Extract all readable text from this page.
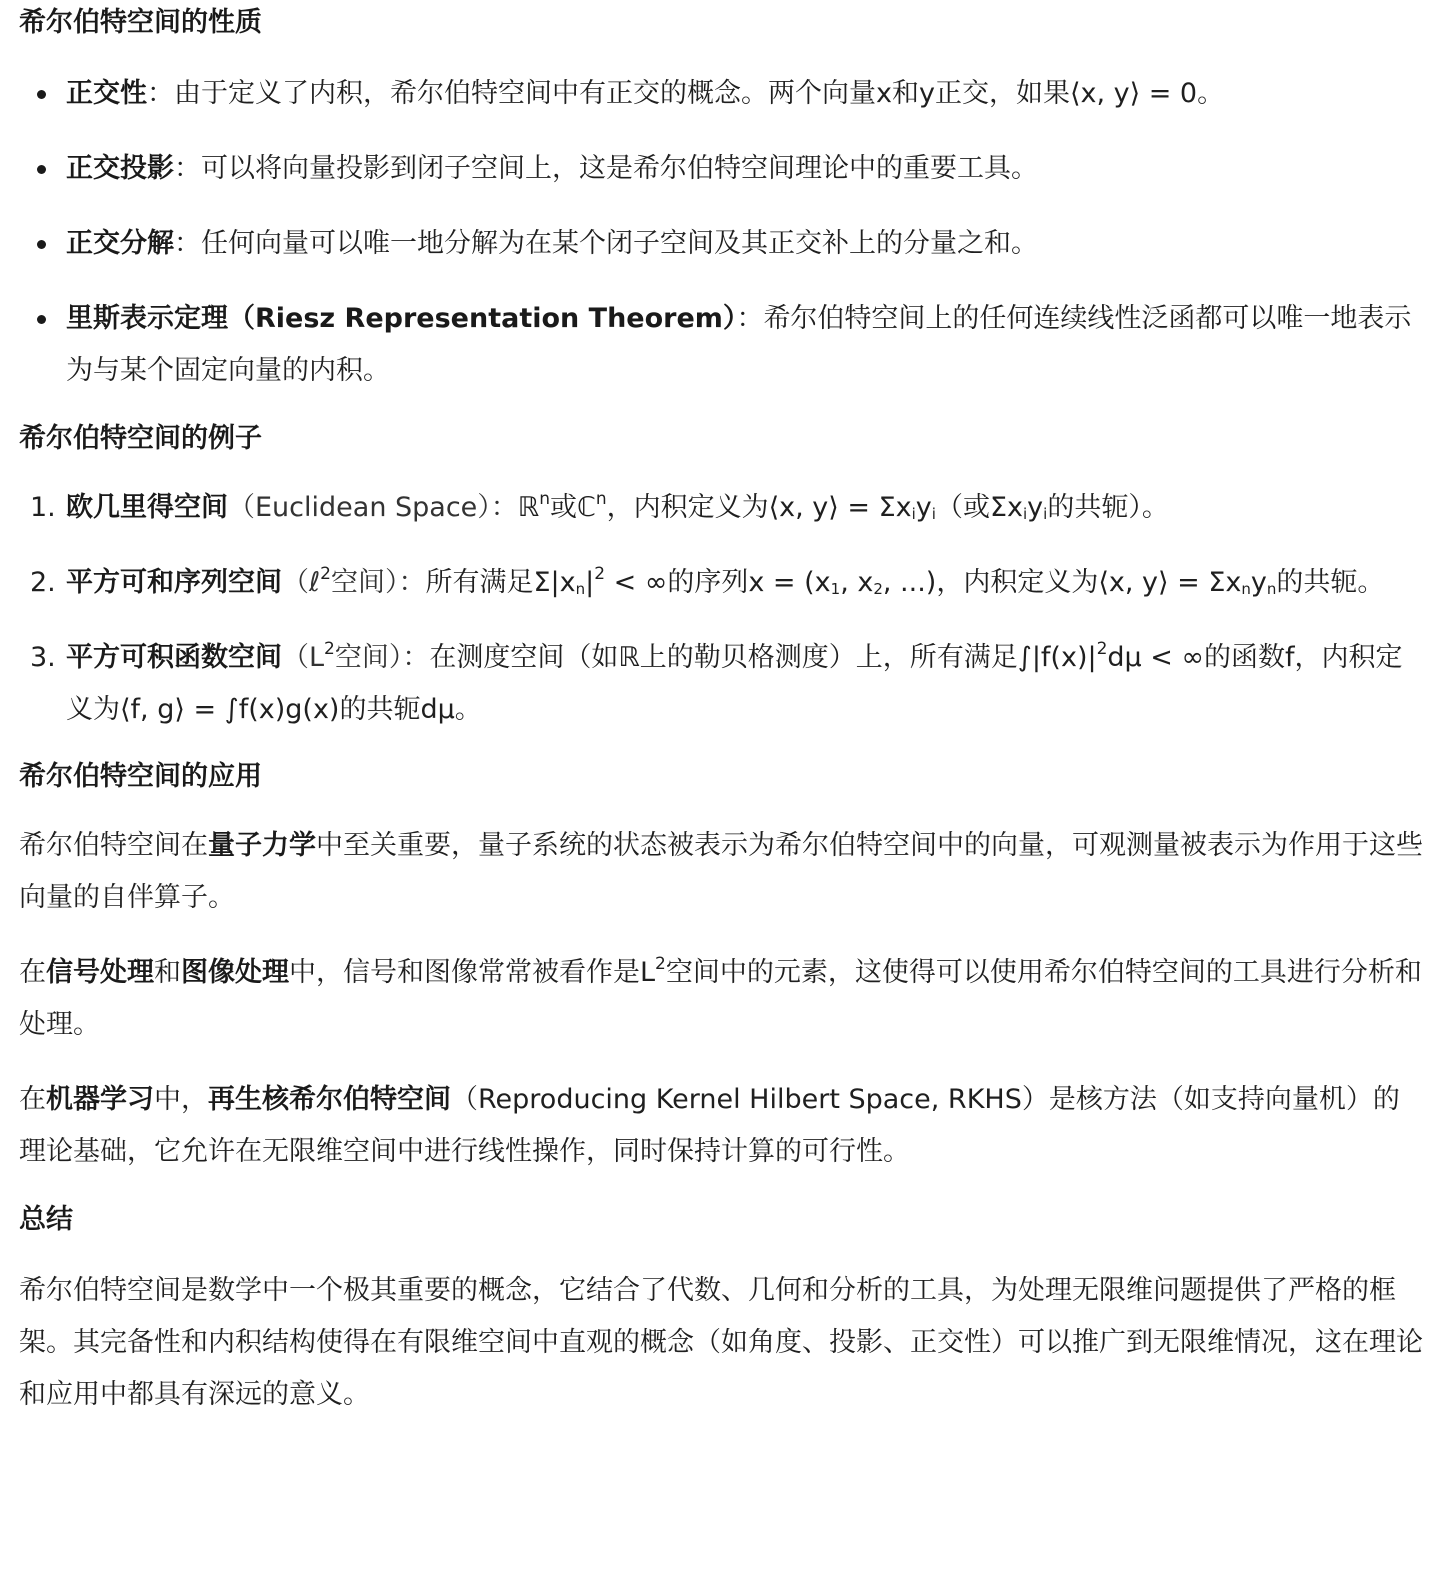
希尔伯特空间的性质
正交性：由于定义了内积，希尔伯特空间中有正交的概念。两个向量x和y正交，如果⟨x, y⟩ = 0。
正交投影：可以将向量投影到闭子空间上，这是希尔伯特空间理论中的重要工具。
正交分解：任何向量可以唯一地分解为在某个闭子空间及其正交补上的分量之和。
里斯表示定理（Riesz Representation Theorem）：希尔伯特空间上的任何连续线性泛函都可以唯一地表示为与某个固定向量的内积。
希尔伯特空间的例子
1. 欧几里得空间（Euclidean Space）：ℝ$^n$或ℂ$^n$，内积定义为⟨x, y⟩ = $\Sigma x_iy_i$（或$\Sigma x_iy_i$的共轭）。
2. 平方可和序列空间（ℓ$^2$空间）：所有满足$\Sigma|x_n|^2$ < ∞的序列$x = (x_1$, $x_2$, ...)，内积定义为⟨x, y⟩ = $\Sigma x_ny_n$的共轭。
3. 平方可积函数空间（$L^2$空间）：在测度空间（如ℝ上的勒贝格测度）上，所有满足$\int|f(x)|^2d\mu$ < ∞的函数f，内积定义为⟨f, g⟩ = ∫f(x)g(x)的共轭dμ。
希尔伯特空间的应用

希尔伯特空间在量子力学中至关重要，量子系统的状态被表示为希尔伯特空间中的向量，可观测量被表示为作用于这些向量的自伴算子。

在信号处理和图像处理中，信号和图像常常被看作是$L^2$空间中的元素，这使得可以使用希尔伯特空间的工具进行分析和处理。

在机器学习中，再生核希尔伯特空间（Reproducing Kernel Hilbert Space, RKHS）是核方法（如支持向量机）的理论基础，它允许在无限维空间中进行线性操作，同时保持计算的可行性。

总结

希尔伯特空间是数学中一个极其重要的概念，它结合了代数、几何和分析的工具，为处理无限维问题提供了严格的框架。其完备性和内积结构使得在有限维空间中直观的概念（如角度、投影、正交性）可以推广到无限维情况，这在理论和应用中都具有深远的意义。
